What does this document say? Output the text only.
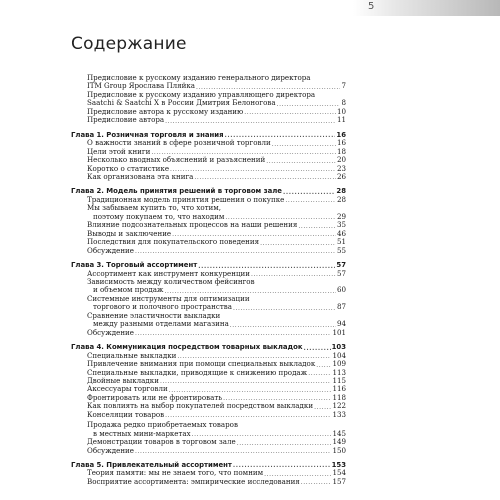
5
Содержание
Предисловие к русскому изданию генерального директора
ITM Group Ярослава Пляйка .....	7
Предисловие к русскому изданию управляющего директора
Saatchi & Saatchi X в России Дмитрия Белоногова .....	8
Предисловие автора к русскому изданию .....	10
Предисловие автора .....	11
Глава 1. Розничная торговля и знания .....	16
О важности знаний в сфере розничной торговли .....	16
Цели этой книги .....	18
Несколько вводных объяснений и разъяснений .....	20
Коротко о статистике .....	23
Как организована эта книга .....	26
Глава 2. Модель принятия решений в торговом зале .....	28
Традиционная модель принятия решения о покупке .....	28
Мы забываем купить то, что хотим,
поэтому покупаем то, что находим .....	29
Влияние подсознательных процессов на наши решения .....	35
Выводы и заключение .....	46
Последствия для покупательского поведения .....	51
Обсуждение .....	55
Глава 3. Торговый ассортимент .....	57
Ассортимент как инструмент конкуренции .....	57
Зависимость между количеством фейсингов
и объемом продаж .....	60
Системные инструменты для оптимизации
торгового и полочного пространства .....	87
Сравнение эластичности выкладки
между разными отделами магазина .....	94
Обсуждение .....	101
Глава 4. Коммуникация посредством товарных выкладок .....	103
Специальные выкладки .....	104
Привлечение внимания при помощи специальных выкладок ..... 109
Специальные выкладки, приводящие к снижению продаж .....	113
Двойные выкладки .....	115
Аксессуары торговли .....	116
Фронтировать или не фронтировать .....	118
Как повлиять на выбор покупателей посредством выкладки .....	122
Конселяции товаров .....	133
Продажа редко приобретаемых товаров
в местных мини-маркетах .....	145
Демонстрации товаров в торговом зале .....	149
Обсуждение .....	150
Глава 5. Привлекательный ассортимент .....	153
Теория памяти: мы не знаем того, что помним .....	154
Восприятие ассортимента: эмпирические исследования .....	157
